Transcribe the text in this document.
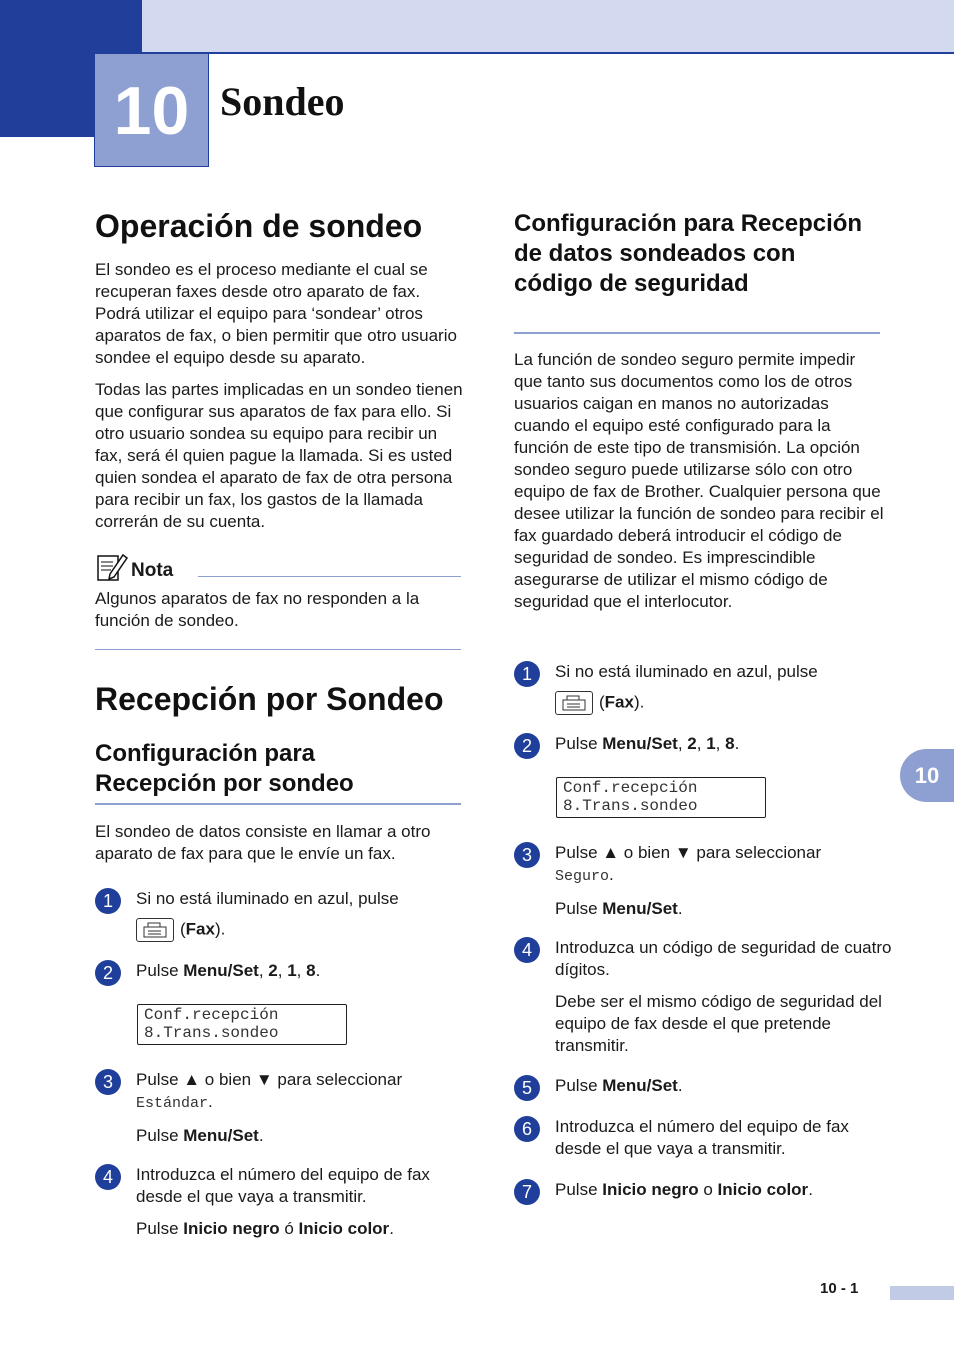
10 Sondeo
Operación de sondeo

El sondeo es el proceso mediante el cual se recuperan faxes desde otro aparato de fax. Podrá utilizar el equipo para ‘sondear’ otros aparatos de fax, o bien permitir que otro usuario sondee el equipo desde su aparato.

Todas las partes implicadas en un sondeo tienen que configurar sus aparatos de fax para ello. Si otro usuario sondea su equipo para recibir un fax, será él quien pague la llamada. Si es usted quien sondea el aparato de fax de otra persona para recibir un fax, los gastos de la llamada correrán de su cuenta.

Nota

Algunos aparatos de fax no responden a la función de sondeo.

Recepción por Sondeo
Configuración para Recepción por sondeo

El sondeo de datos consiste en llamar a otro aparato de fax para que le envíe un fax.

1	Si no está iluminado en azul, pulse

(Fax).

2	Pulse Menu/Set, 2, 1, 8.

Conf.recepción
8.Trans.sondeo
3	Pulse ▲ o bien ▼ para seleccionar

Estándar.

Pulse Menu/Set.

4	Introduzca el número del equipo de fax desde el que vaya a transmitir.

Pulse Inicio negro ó Inicio color.

Configuración para Recepción de datos sondeados con código de seguridad

La función de sondeo seguro permite impedir que tanto sus documentos como los de otros usuarios caigan en manos no autorizadas cuando el equipo esté configurado para la función de este tipo de transmisión. La opción sondeo seguro puede utilizarse sólo con otro equipo de fax de Brother. Cualquier persona que desee utilizar la función de sondeo para recibir el fax guardado deberá introducir el código de seguridad de sondeo. Es imprescindible asegurarse de utilizar el mismo código de seguridad que el interlocutor.

1	Si no está iluminado en azul, pulse

(Fax).

2	Pulse Menu/Set, 2, 1, 8.

Conf.recepción
8.Trans.sondeo
3	Pulse ▲ o bien ▼ para seleccionar

Seguro.

Pulse Menu/Set.

4	Introduzca un código de seguridad de cuatro dígitos.

Debe ser el mismo código de seguridad del equipo de fax desde el que pretende transmitir.

5	Pulse Menu/Set.

6	Introduzca el número del equipo de fax desde el que vaya a transmitir.

7	Pulse Inicio negro o Inicio color.

10
10 - 1
